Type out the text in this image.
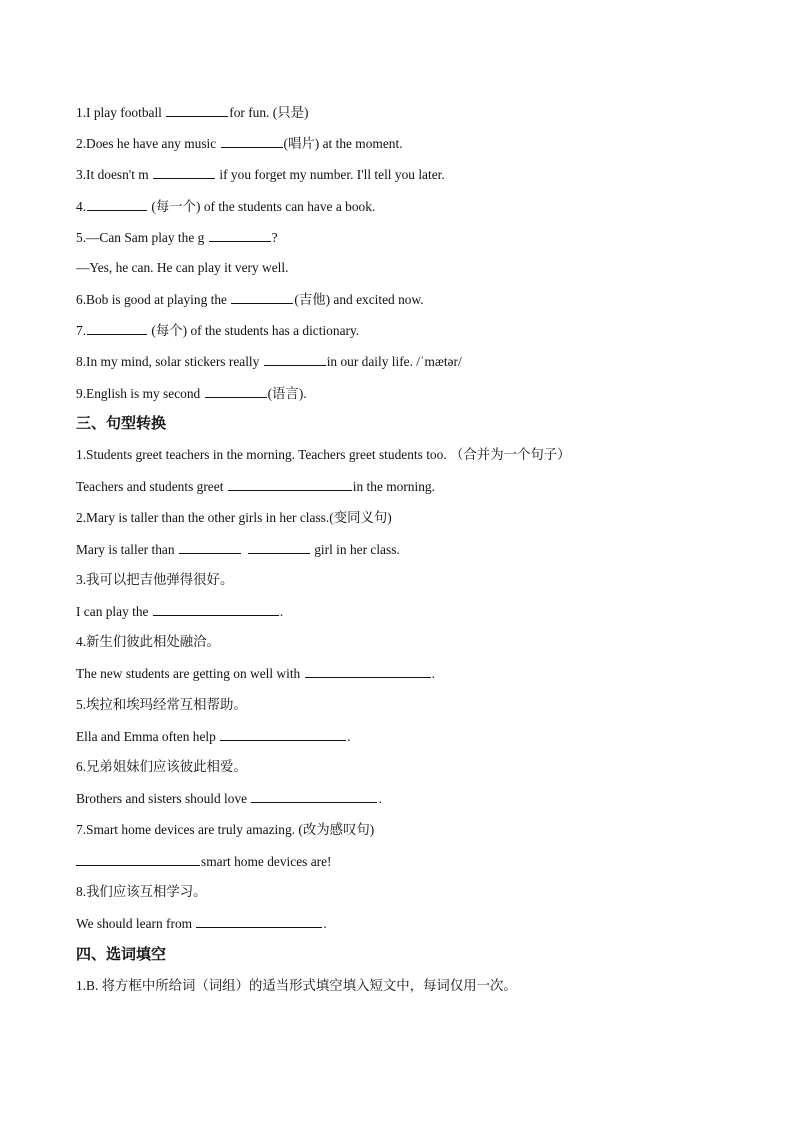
1.I play football	for fun. (只是)
2.Does he have any music	(唱片) at the moment.
3.It doesn't m	if you forget my number. I'll tell you later.
4.	(每一个) of the students can have a book.
5.—Can Sam play the g	?
—Yes, he can. He can play it very well.
6.Bob is good at playing the	(吉他) and excited now.
7.	(每个) of the students has a dictionary.
8.In my mind, solar stickers really	in our daily life. /ˈmætər/
9.English is my second	(语言).
三、句型转换
1.Students greet teachers in the morning. Teachers greet students too. （合并为一个句子）
Teachers and students greet	in the morning.
2.Mary is taller than the other girls in her class.(变同义句)
Mary is taller than	girl in her class.
3.我可以把吉他弹得很好。
I can play the	.
4.新生们彼此相处融洽。
The new students are getting on well with	.
5.埃拉和埃玛经常互相帮助。
Ella and Emma often help	.
6.兄弟姐妹们应该彼此相爱。
Brothers and sisters should love	.
7.Smart home devices are truly amazing. (改为感叹句)
smart home devices are!
8.我们应该互相学习。
We should learn from	.
四、选词填空
1.B. 将方框中所给词（词组）的适当形式填空填入短文中，每词仅用一次。
